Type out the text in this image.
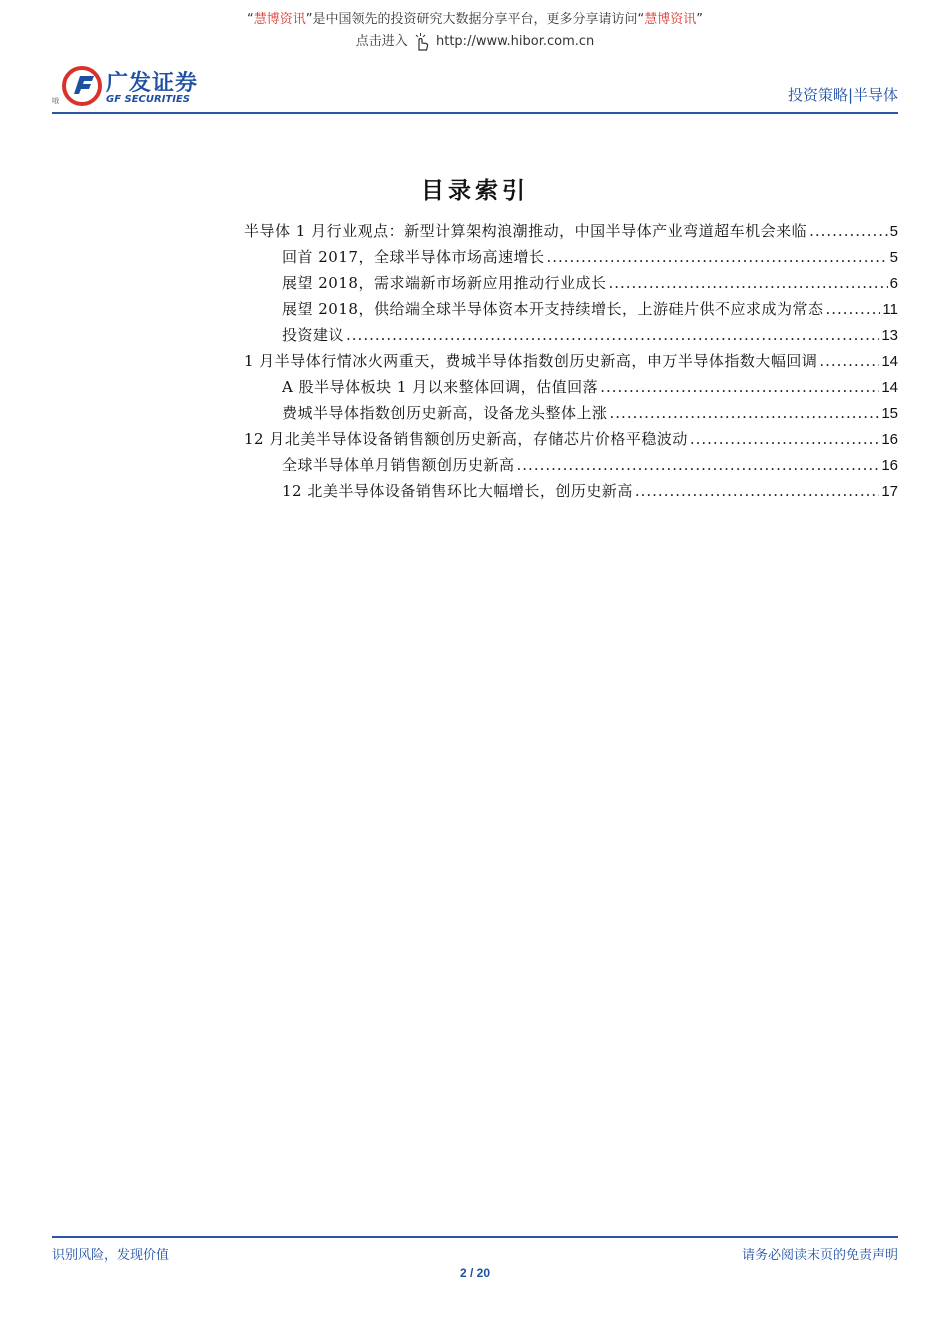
“慧博资讯”是中国领先的投资研究大数据分享平台，更多分享请访问“慧博资讯”
点击进入 http://www.hibor.com.cn
广发证券
GF SECURITIES
哦	投资策略|半导体
目录索引
半导体 1 月行业观点：新型计算架构浪潮推动，中国半导体产业弯道超车机会来临 .....	5
回首 2017，全球半导体市场高速增长 .....	5
展望 2018，需求端新市场新应用推动行业成长 .....	6
展望 2018，供给端全球半导体资本开支持续增长，上游硅片供不应求成为常态 .....	11
投资建议 .....	13
1 月半导体行情冰火两重天，费城半导体指数创历史新高，申万半导体指数大幅回调 .....	14
A 股半导体板块 1 月以来整体回调，估值回落 .....	14
费城半导体指数创历史新高，设备龙头整体上涨 .....	15
12 月北美半导体设备销售额创历史新高，存储芯片价格平稳波动 .....	16
全球半导体单月销售额创历史新高 .....	16
12 北美半导体设备销售环比大幅增长，创历史新高 .....	17
识别风险，发现价值	请务必阅读末页的免责声明
2 / 20
